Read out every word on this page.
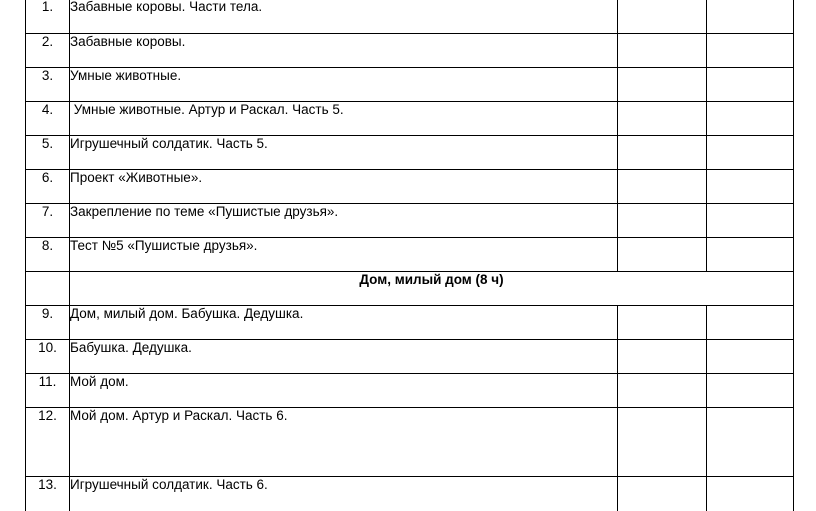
1.	Забавные коровы. Части тела.		
2.	Забавные коровы.		
3.	Умные животные.		
4.	Умные животные. Артур и Раскал. Часть 5.		
5.	Игрушечный солдатик. Часть 5.		
6.	Проект «Животные».		
7.	Закрепление по теме «Пушистые друзья».		
8.	Тест №5 «Пушистые друзья».		
	Дом, милый дом (8 ч)		
9.	Дом, милый дом. Бабушка. Дедушка.		
10.	Бабушка. Дедушка.		
11.	Мой дом.		
12.	Мой дом. Артур и Раскал. Часть 6.		
13.	Игрушечный солдатик. Часть 6.		
